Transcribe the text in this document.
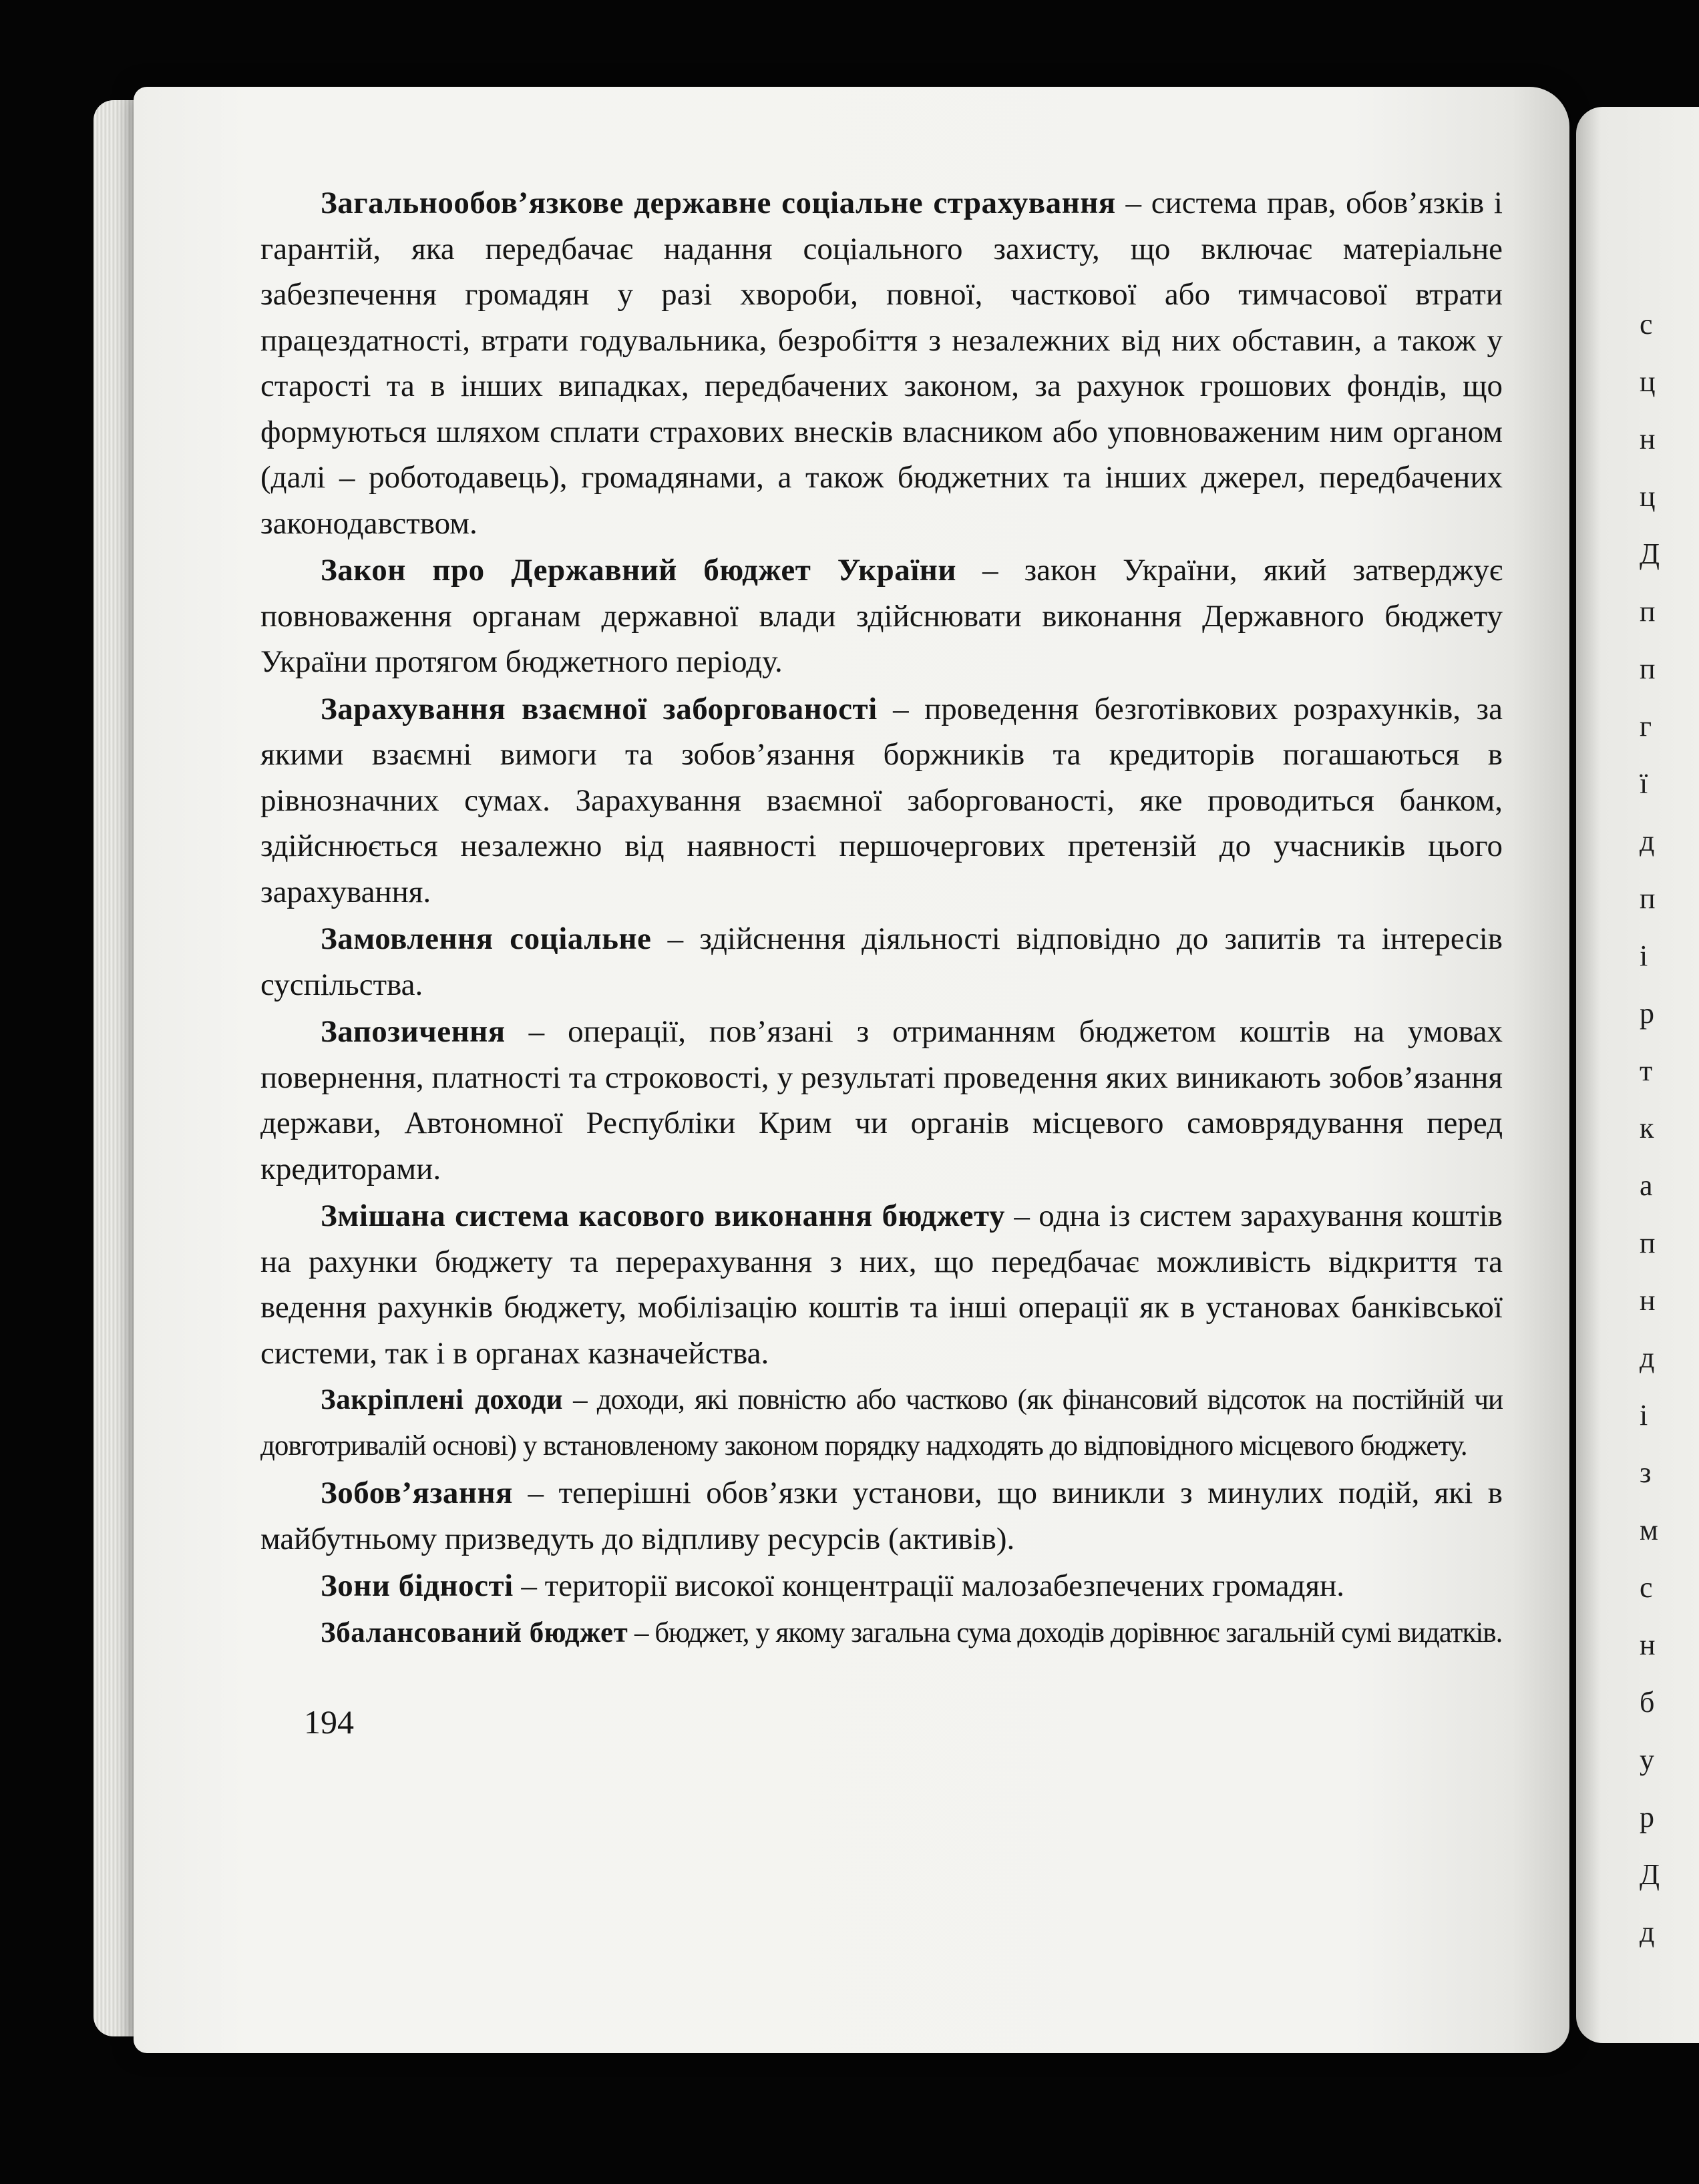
с
ц
н
ц
Д
п
п
г
ї
д
п
і
р
т
к
а
п
н
д
і
з
м
с
н
б
у
р
Д
д

Загальнообов’язкове державне соціальне страхування – система прав, обов’язків і гарантій, яка передбачає надання соціального захисту, що включає матеріальне забезпечення громадян у разі хвороби, повної, часткової або тимчасової втрати працездатності, втрати годувальника, безробіття з незалежних від них обставин, а також у старості та в інших випадках, передбачених законом, за рахунок грошових фондів, що формуються шляхом сплати страхових внесків власником або уповноваженим ним органом (далі – роботодавець), громадянами, а також бюджетних та інших джерел, передбачених законодавством.

Закон про Державний бюджет України – закон України, який затверджує повноваження органам державної влади здійснювати виконання Державного бюджету України протягом бюджетного періоду.

Зарахування взаємної заборгованості – проведення безготівкових розрахунків, за якими взаємні вимоги та зобов’язання боржників та кредиторів погашаються в рівнозначних сумах. Зарахування взаємної заборгованості, яке проводиться банком, здійснюється незалежно від наявності першочергових претензій до учасників цього зарахування.

Замовлення соціальне – здійснення діяльності відповідно до запитів та інтересів суспільства.

Запозичення – операції, пов’язані з отриманням бюджетом коштів на умовах повернення, платності та строковості, у результаті проведення яких виникають зобов’язання держави, Автономної Республіки Крим чи органів місцевого самоврядування перед кредиторами.

Змішана система касового виконання бюджету – одна із систем зарахування коштів на рахунки бюджету та перерахування з них, що передбачає можливість відкриття та ведення рахунків бюджету, мобілізацію коштів та інші операції як в установах банківської системи, так і в органах казначейства.

Закріплені доходи – доходи, які повністю або частково (як фінансовий відсоток на постійній чи довготривалій основі) у встановленому законом порядку надходять до відповідного місцевого бюджету.

Зобов’язання – теперішні обов’язки установи, що виникли з минулих подій, які в майбутньому призведуть до відпливу ресурсів (активів).

Зони бідності – території високої концентрації малозабезпечених громадян.

Збалансований бюджет – бюджет, у якому загальна сума доходів дорівнює загальній сумі видатків.

194
